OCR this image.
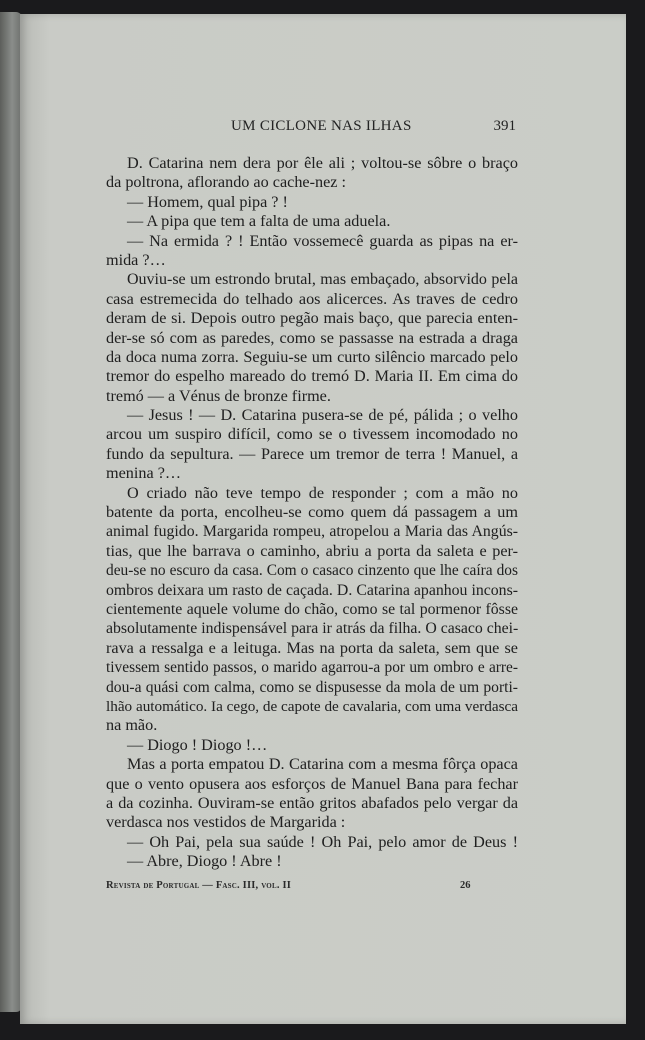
UM CICLONE NAS ILHAS	391
D. Catarina nem dera por êle ali ; voltou-se sôbre o braço
da poltrona, aflorando ao cache-nez :
— Homem, qual pipa ? !
— A pipa que tem a falta de uma aduela.
— Na ermida ? ! Então vossemecê guarda as pipas na er-
mida ?…
Ouviu-se um estrondo brutal, mas embaçado, absorvido pela
casa estremecida do telhado aos alicerces. As traves de cedro
deram de si. Depois outro pegão mais baço, que parecia enten-
der-se só com as paredes, como se passasse na estrada a draga
da doca numa zorra. Seguiu-se um curto silêncio marcado pelo
tremor do espelho mareado do tremó D. Maria II. Em cima do
tremó — a Vénus de bronze firme.
— Jesus ! — D. Catarina pusera-se de pé, pálida ; o velho
arcou um suspiro difícil, como se o tivessem incomodado no
fundo da sepultura. — Parece um tremor de terra ! Manuel, a
menina ?…
O criado não teve tempo de responder ; com a mão no
batente da porta, encolheu-se como quem dá passagem a um
animal fugido. Margarida rompeu, atropelou a Maria das Angús-
tias, que lhe barrava o caminho, abriu a porta da saleta e per-
deu-se no escuro da casa. Com o casaco cinzento que lhe caíra dos
ombros deixara um rasto de caçada. D. Catarina apanhou incons-
cientemente aquele volume do chão, como se tal pormenor fôsse
absolutamente indispensável para ir atrás da filha. O casaco chei-
rava a ressalga e a leituga. Mas na porta da saleta, sem que se
tivessem sentido passos, o marido agarrou-a por um ombro e arre-
dou-a quási com calma, como se dispusesse da mola de um porti-
lhão automático. Ia cego, de capote de cavalaria, com uma verdasca
na mão.
— Diogo ! Diogo !…
Mas a porta empatou D. Catarina com a mesma fôrça opaca
que o vento opusera aos esforços de Manuel Bana para fechar
a da cozinha. Ouviram-se então gritos abafados pelo vergar da
verdasca nos vestidos de Margarida :
— Oh Pai, pela sua saúde ! Oh Pai, pelo amor de Deus !
— Abre, Diogo ! Abre !
Revista de Portugal — Fasc. III, vol. II	26
